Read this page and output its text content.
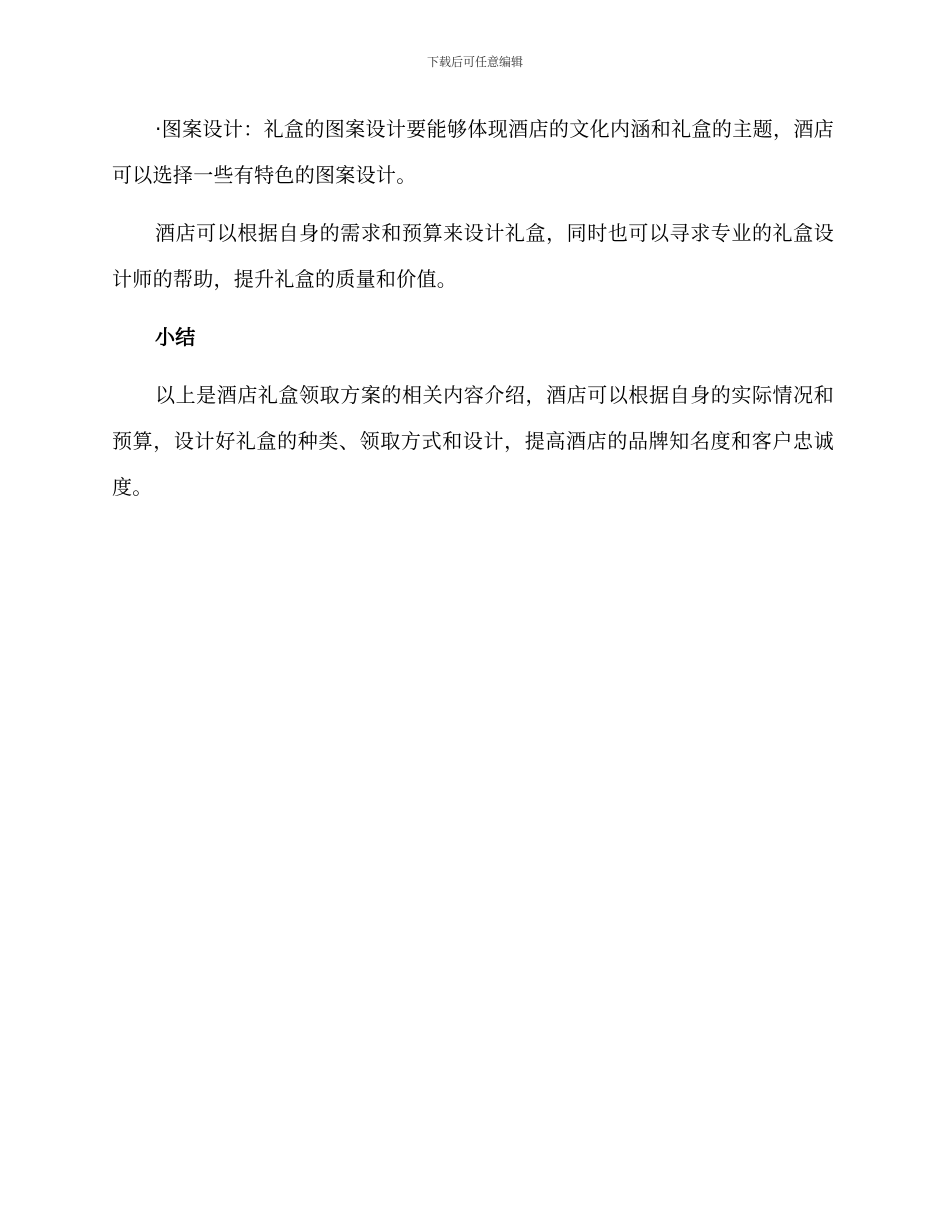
下载后可任意编辑

·图案设计：礼盒的图案设计要能够体现酒店的文化内涵和礼盒的主题，酒店可以选择一些有特色的图案设计。

酒店可以根据自身的需求和预算来设计礼盒，同时也可以寻求专业的礼盒设计师的帮助，提升礼盒的质量和价值。

小结

以上是酒店礼盒领取方案的相关内容介绍，酒店可以根据自身的实际情况和预算，设计好礼盒的种类、领取方式和设计，提高酒店的品牌知名度和客户忠诚度。
